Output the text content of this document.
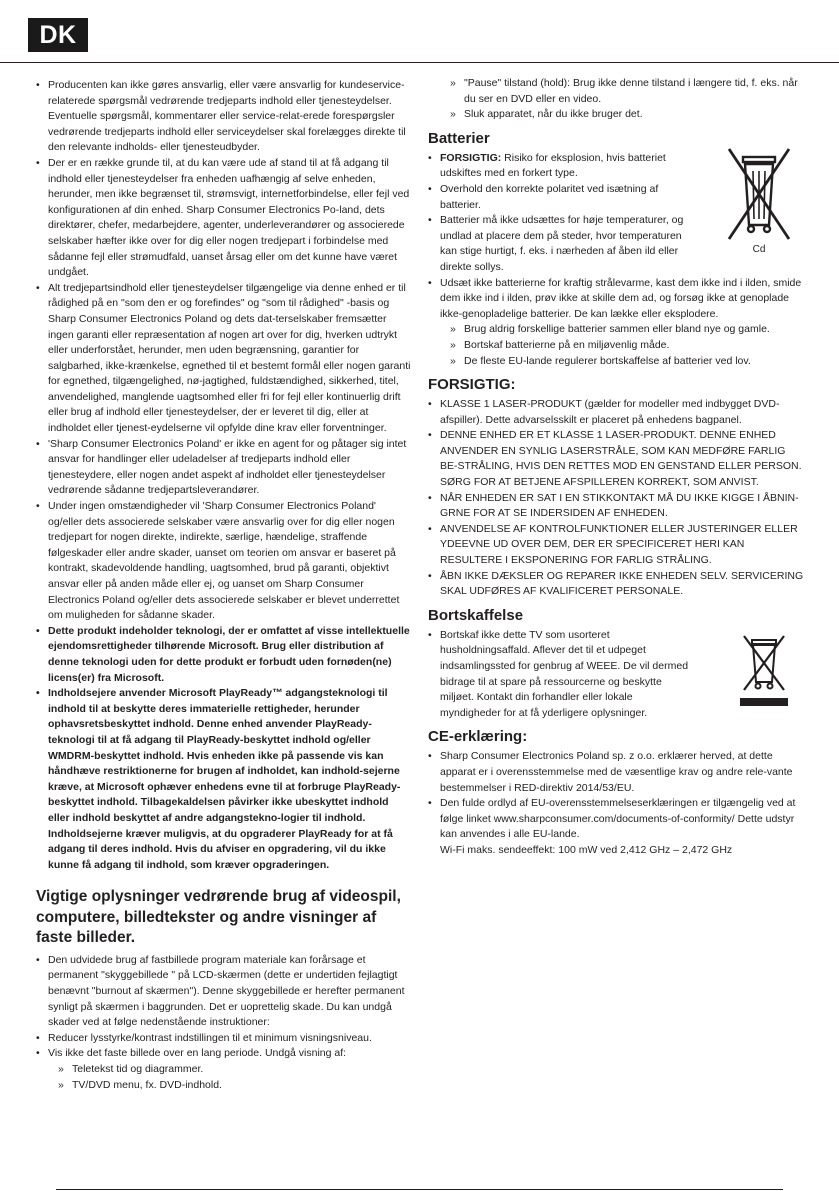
DK
• Producenten kan ikke gøres ansvarlig, eller være ansvarlig for kundeservice-relaterede spørgsmål vedrørende tredjeparts indhold eller tjenesteydelser. Eventuelle spørgsmål, kommentarer eller service-relat-erede forespørgsler vedrørende tredjeparts indhold eller serviceydelser skal forelægges direkte til den relevante indholds- eller tjenesteudbyder.
• Der er en række grunde til, at du kan være ude af stand til at få adgang til indhold eller tjenesteydelser fra enheden uafhængig af selve enheden, herunder, men ikke begrænset til, strømsvigt, internetforbindelse, eller fejl ved konfigurationen af din enhed. Sharp Consumer Electronics Po-land, dets direktører, chefer, medarbejdere, agenter, underleverandører og associerede selskaber hæfter ikke over for dig eller nogen tredjepart i forbindelse med sådanne fejl eller strømudfald, uanset årsag eller om det kunne have været undgået.
• Alt tredjepartsindhold eller tjenesteydelser tilgængelige via denne enhed er til rådighed på en "som den er og forefindes" og "som til rådighed" -basis og Sharp Consumer Electronics Poland og dets dat-terselskaber fremsætter ingen garanti eller repræsentation af nogen art over for dig, hverken udtrykt eller underforstået, herunder, men uden begrænsning, garantier for salgbarhed, ikke-krænkelse, egnethed til et bestemt formål eller nogen garanti for egnethed, tilgængelighed, nø-jagtighed, fuldstændighed, sikkerhed, titel, anvendelighed, manglende uagtsomhed eller fri for fejl eller kontinuerlig drift eller brug af indhold eller tjenesteydelser, der er leveret til dig, eller at indholdet eller tjenest-eydelserne vil opfylde dine krav eller forventninger.
• 'Sharp Consumer Electronics Poland' er ikke en agent for og påtager sig intet ansvar for handlinger eller udeladelser af tredjeparts indhold eller tjenesteydere, eller nogen andet aspekt af indholdet eller tjenesteydelser vedrørende sådanne tredjepartsleverandører.
• Under ingen omstændigheder vil 'Sharp Consumer Electronics Poland' og/eller dets associerede selskaber være ansvarlig over for dig eller nogen tredjepart for nogen direkte, indirekte, særlige, hændelige, straffende følgeskader eller andre skader, uanset om teorien om ansvar er baseret på kontrakt, skadevoldende handling, uagtsomhed, brud på garanti, objektivt ansvar eller på anden måde eller ej, og uanset om Sharp Consumer Electronics Poland og/eller dets associerede selskaber er blevet underrettet om muligheden for sådanne skader.
• Dette produkt indeholder teknologi, der er omfattet af visse intellektuelle ejendomsrettigheder tilhørende Microsoft. Brug eller distribution af denne teknologi uden for dette produkt er forbudt uden fornøden(ne) licens(er) fra Microsoft.
• Indholdsejere anvender Microsoft PlayReady™ adgangsteknologi til indhold til at beskytte deres immaterielle rettigheder, herunder ophavsretsbeskyttet indhold. Denne enhed anvender PlayReady-teknologi til at få adgang til PlayReady-beskyttet indhold og/eller WMDRM-beskyttet indhold. Hvis enheden ikke på passende vis kan håndhæve restriktionerne for brugen af indholdet, kan indhold-sejerne kræve, at Microsoft ophæver enhedens evne til at forbruge PlayReady-beskyttet indhold. Tilbagekaldelsen påvirker ikke ubeskyttet indhold eller indhold beskyttet af andre adgangstekno-logier til indhold. Indholdsejerne kræver muligvis, at du opgraderer PlayReady for at få adgang til deres indhold. Hvis du afviser en opgradering, vil du ikke kunne få adgang til indhold, som kræver opgraderingen.
Vigtige oplysninger vedrørende brug af videospil, computere, billedtekster og andre visninger af faste billeder.
• Den udvidede brug af fastbillede program materiale kan forårsage et permanent "skyggebillede " på LCD-skærmen (dette er undertiden fejlagtigt benævnt "burnout af skærmen"). Denne skyggebillede er herefter permanent synligt på skærmen i baggrunden. Det er uoprettelig skade. Du kan undgå skader ved at følge nedenstående instruktioner:
• Reducer lysstyrke/kontrast indstillingen til et minimum visningsniveau.
• Vis ikke det faste billede over en lang periode. Undgå visning af:
» Teletekst tid og diagrammer.
» TV/DVD menu, fx. DVD-indhold.
» "Pause" tilstand (hold): Brug ikke denne tilstand i længere tid, f. eks. når du ser en DVD eller en video.
» Sluk apparatet, når du ikke bruger det.
Batterier
Cd
• FORSIGTIG: Risiko for eksplosion, hvis batteriet udskiftes med en forkert type.
• Overhold den korrekte polaritet ved isætning af batterier.
• Batterier må ikke udsættes for høje temperaturer, og undlad at placere dem på steder, hvor temperaturen kan stige hurtigt, f. eks. i nærheden af åben ild eller direkte sollys.
• Udsæt ikke batterierne for kraftig strålevarme, kast dem ikke ind i ilden, smide dem ikke ind i ilden, prøv ikke at skille dem ad, og forsøg ikke at genoplade ikke-genopladelige batterier. De kan lække eller eksplodere.
» Brug aldrig forskellige batterier sammen eller bland nye og gamle.
» Bortskaf batterierne på en miljøvenlig måde.
» De fleste EU-lande regulerer bortskaffelse af batterier ved lov.
FORSIGTIG:
• KLASSE 1 LASER-PRODUKT (gælder for modeller med indbygget DVD-afspiller). Dette advarselsskilt er placeret på enhedens bagpanel.
• DENNE ENHED ER ET KLASSE 1 LASER-PRODUKT. DENNE ENHED ANVENDER EN SYNLIG LASERSTRÅLE, SOM KAN MEDFØRE FARLIG BE-STRÅLING, HVIS DEN RETTES MOD EN GENSTAND ELLER PERSON. SØRG FOR AT BETJENE AFSPILLEREN KORREKT, SOM ANVIST.
• NÅR ENHEDEN ER SAT I EN STIKKONTAKT MÅ DU IKKE KIGGE I ÅBNIN-GRNE FOR AT SE INDERSIDEN AF ENHEDEN.
• ANVENDELSE AF KONTROLFUNKTIONER ELLER JUSTERINGER ELLER YDEEVNE UD OVER DEM, DER ER SPECIFICERET HERI KAN RESULTERE I EKSPONERING FOR FARLIG STRÅLING.
• ÅBN IKKE DÆKSLER OG REPARER IKKE ENHEDEN SELV. SERVICERING SKAL UDFØRES AF KVALIFICERET PERSONALE.
Bortskaffelse
• Bortskaf ikke dette TV som usorteret husholdningsaffald. Aflever det til et udpeget indsamlingssted for genbrug af WEEE. De vil dermed bidrage til at spare på ressourcerne og beskytte miljøet. Kontakt din forhandler eller lokale myndigheder for at få yderligere oplysninger.
CE-erklæring:
• Sharp Consumer Electronics Poland sp. z o.o. erklærer herved, at dette apparat er i overensstemmelse med de væsentlige krav og andre rele-vante bestemmelser i RED-direktiv 2014/53/EU.
• Den fulde ordlyd af EU-overensstemmelseserklæringen er tilgængelig ved at følge linket www.sharpconsumer.com/documents-of-conformity/ Dette udstyr kan anvendes i alle EU-lande.
Wi-Fi maks. sendeeffekt: 100 mW ved 2,412 GHz – 2,472 GHz
